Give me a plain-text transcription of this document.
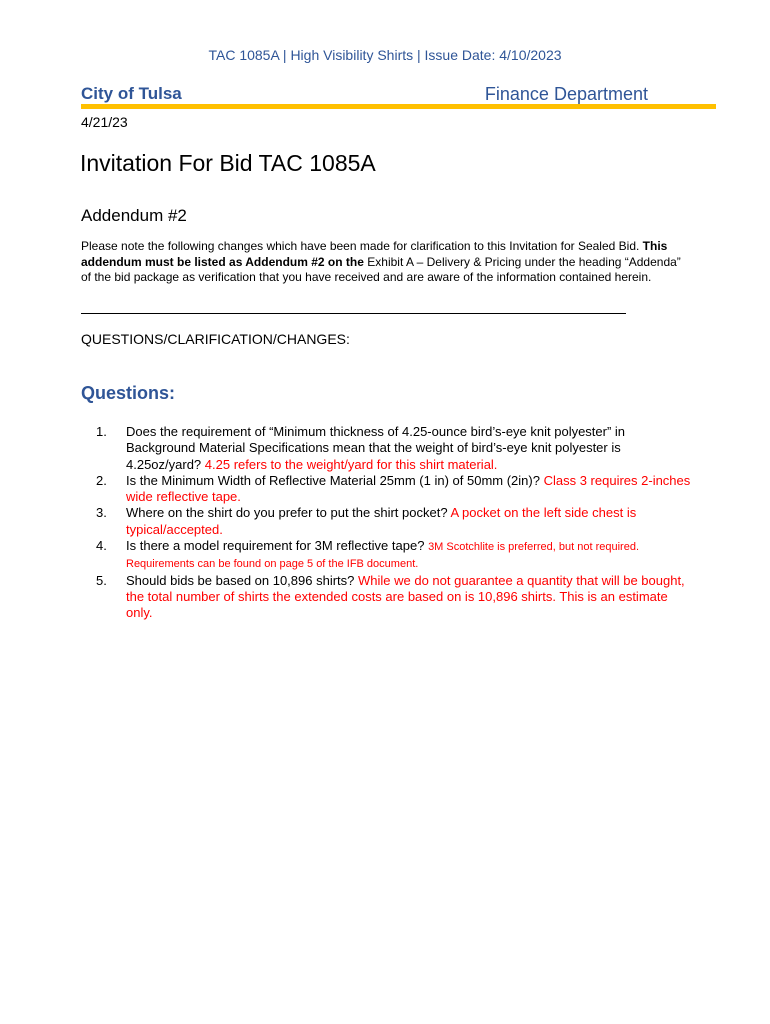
TAC 1085A | High Visibility Shirts | Issue Date: 4/10/2023
City of Tulsa	Finance Department
4/21/23
Invitation For Bid TAC 1085A
Addendum #2

Please note the following changes which have been made for clarification to this Invitation for Sealed Bid. This addendum must be listed as Addendum #2 on the Exhibit A – Delivery & Pricing under the heading “Addenda” of the bid package as verification that you have received and are aware of the information contained herein.

QUESTIONS/CLARIFICATION/CHANGES:
Questions:
1. Does the requirement of “Minimum thickness of 4.25-ounce bird’s-eye knit polyester” in Background Material Specifications mean that the weight of bird’s-eye knit polyester is 4.25oz/yard? 4.25 refers to the weight/yard for this shirt material.
2. Is the Minimum Width of Reflective Material 25mm (1 in) of 50mm (2in)? Class 3 requires 2-inches wide reflective tape.
3. Where on the shirt do you prefer to put the shirt pocket? A pocket on the left side chest is typical/accepted.
4. Is there a model requirement for 3M reflective tape? 3M Scotchlite is preferred, but not required. Requirements can be found on page 5 of the IFB document.
5. Should bids be based on 10,896 shirts? While we do not guarantee a quantity that will be bought, the total number of shirts the extended costs are based on is 10,896 shirts. This is an estimate only.
